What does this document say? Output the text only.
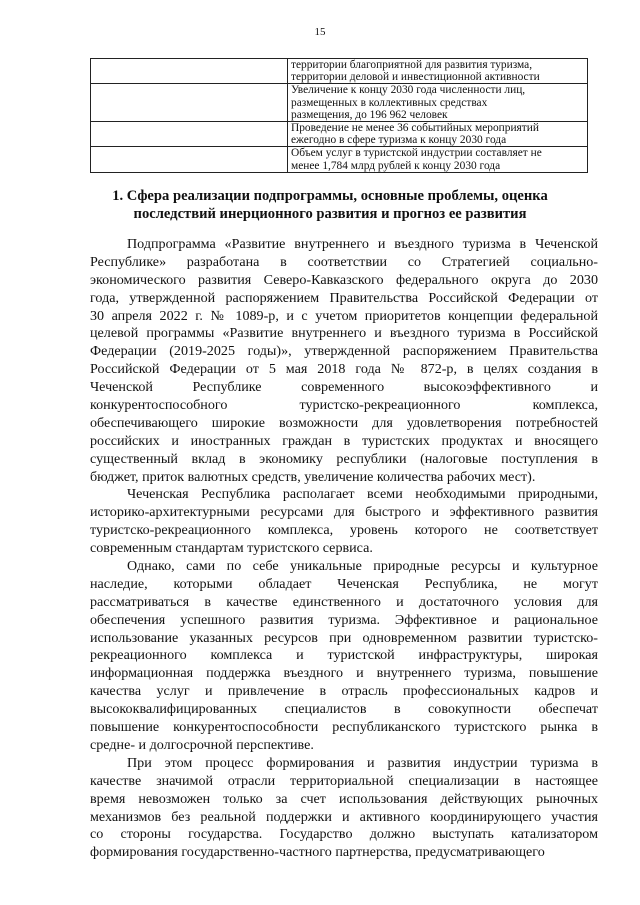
15

	территории благоприятной для развития туризма,
территории деловой и инвестиционной активности

	Увеличение к концу 2030 года численности лиц,
размещенных в коллективных средствах
размещения, до 196 962 человек

	Проведение не менее 36 событийных мероприятий
ежегодно в сфере туризма к концу 2030 года

	Объем услуг в туристской индустрии составляет не
менее 1,784 млрд рублей к концу 2030 года
1. Сфера реализации подпрограммы, основные проблемы, оценка
последствий инерционного развития и прогноз ее развития
Подпрограмма «Развитие внутреннего и въездного туризма в Чеченской
Республике» разработана в соответствии со Стратегией социально-
экономического развития Северо-Кавказского федерального округа до 2030
года, утвержденной распоряжением Правительства Российской Федерации от
30 апреля 2022 г. № 1089-р, и с учетом приоритетов концепции федеральной
целевой программы «Развитие внутреннего и въездного туризма в Российской
Федерации (2019-2025 годы)», утвержденной распоряжением Правительства
Российской Федерации от 5 мая 2018 года № 872-р, в целях создания в
Чеченской Республике современного высокоэффективного и
конкурентоспособного туристско-рекреационного комплекса,
обеспечивающего широкие возможности для удовлетворения потребностей
российских и иностранных граждан в туристских продуктах и вносящего
существенный вклад в экономику республики (налоговые поступления в
бюджет, приток валютных средств, увеличение количества рабочих мест).
Чеченская Республика располагает всеми необходимыми природными,
историко-архитектурными ресурсами для быстрого и эффективного развития
туристско-рекреационного комплекса, уровень которого не соответствует
современным стандартам туристского сервиса.
Однако, сами по себе уникальные природные ресурсы и культурное
наследие, которыми обладает Чеченская Республика, не могут
рассматриваться в качестве единственного и достаточного условия для
обеспечения успешного развития туризма. Эффективное и рациональное
использование указанных ресурсов при одновременном развитии туристско-
рекреационного комплекса и туристской инфраструктуры, широкая
информационная поддержка въездного и внутреннего туризма, повышение
качества услуг и привлечение в отрасль профессиональных кадров и
высококвалифицированных специалистов в совокупности обеспечат
повышение конкурентоспособности республиканского туристского рынка в
средне- и долгосрочной перспективе.
При этом процесс формирования и развития индустрии туризма в
качестве значимой отрасли территориальной специализации в настоящее
время невозможен только за счет использования действующих рыночных
механизмов без реальной поддержки и активного координирующего участия
со стороны государства. Государство должно выступать катализатором
формирования государственно-частного партнерства, предусматривающего
